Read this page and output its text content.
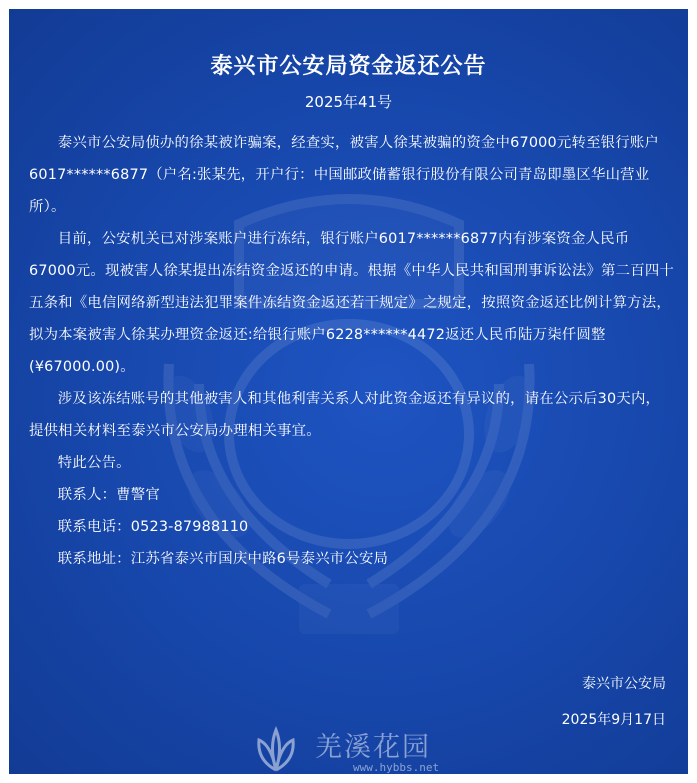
泰兴市公安局资金返还公告
2025年41号

泰兴市公安局侦办的徐某被诈骗案，经查实，被害人徐某被骗的资金中67000元转至银行账户6017******6877（户名:张某先，开户行：中国邮政储蓄银行股份有限公司青岛即墨区华山营业所）。

目前，公安机关已对涉案账户进行冻结，银行账户6017******6877内有涉案资金人民币67000元。现被害人徐某提出冻结资金返还的申请。根据《中华人民共和国刑事诉讼法》第二百四十五条和《电信网络新型违法犯罪案件冻结资金返还若干规定》之规定，按照资金返还比例计算方法，拟为本案被害人徐某办理资金返还:给银行账户6228******4472返还人民币陆万柒仟圆整(¥67000.00)。

涉及该冻结账号的其他被害人和其他利害关系人对此资金返还有异议的，请在公示后30天内，提供相关材料至泰兴市公安局办理相关事宜。

特此公告。

联系人：曹警官

联系电话：0523-87988110

联系地址：江苏省泰兴市国庆中路6号泰兴市公安局

泰兴市公安局
2025年9月17日
羌溪花园
www.hybbs.net
